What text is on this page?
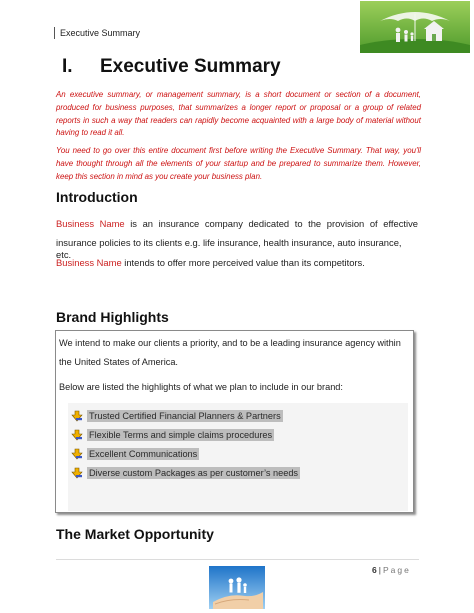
Executive Summary
I. Executive Summary

An executive summary, or management summary, is a short document or section of a document, produced for business purposes, that summarizes a longer report or proposal or a group of related reports in such a way that readers can rapidly become acquainted with a large body of material without having to read it all.

You need to go over this entire document first before writing the Executive Summary. That way, you'll have thought through all the elements of your startup and be prepared to summarize them. However, keep this section in mind as you create your business plan.

Introduction

Business Name is an insurance company dedicated to the provision of effective

insurance policies to its clients e.g. life insurance, health insurance, auto insurance, etc.

Business Name intends to offer more perceived value than its competitors.

Brand Highlights

We intend to make our clients a priority, and to be a leading insurance agency within

the United States of America.

Below are listed the highlights of what we plan to include in our brand:

Trusted Certified Financial Planners & Partners
Flexible Terms and simple claims procedures
Excellent Communications
Diverse custom Packages as per customer’s needs
The Market Opportunity
6 | Page
